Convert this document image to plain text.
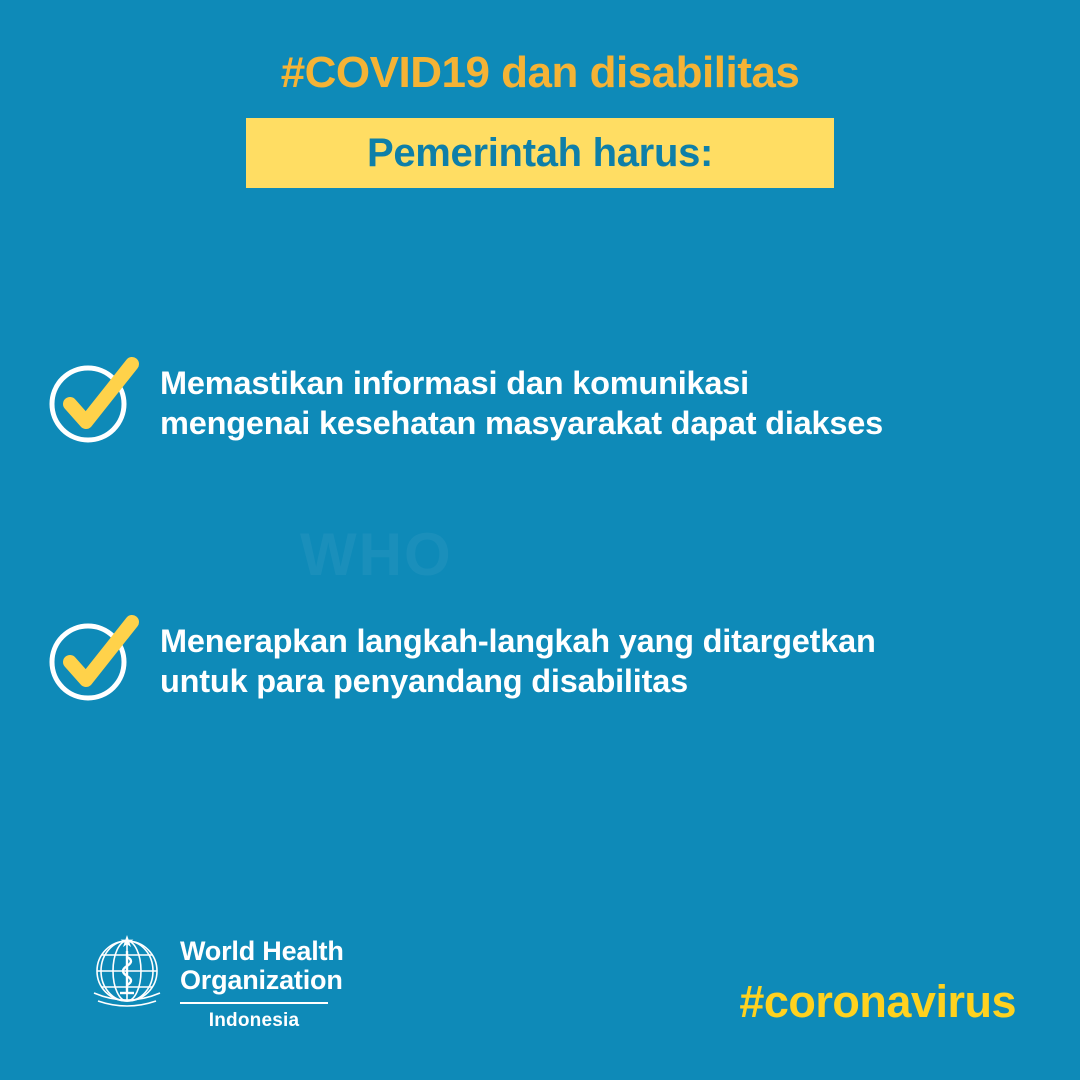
#COVID19 dan disabilitas
Pemerintah harus:
WHO
Memastikan informasi dan komunikasi
mengenai kesehatan masyarakat dapat diakses
Menerapkan langkah-langkah yang ditargetkan
untuk para penyandang disabilitas
World Health
Organization
Indonesia	#coronavirus
